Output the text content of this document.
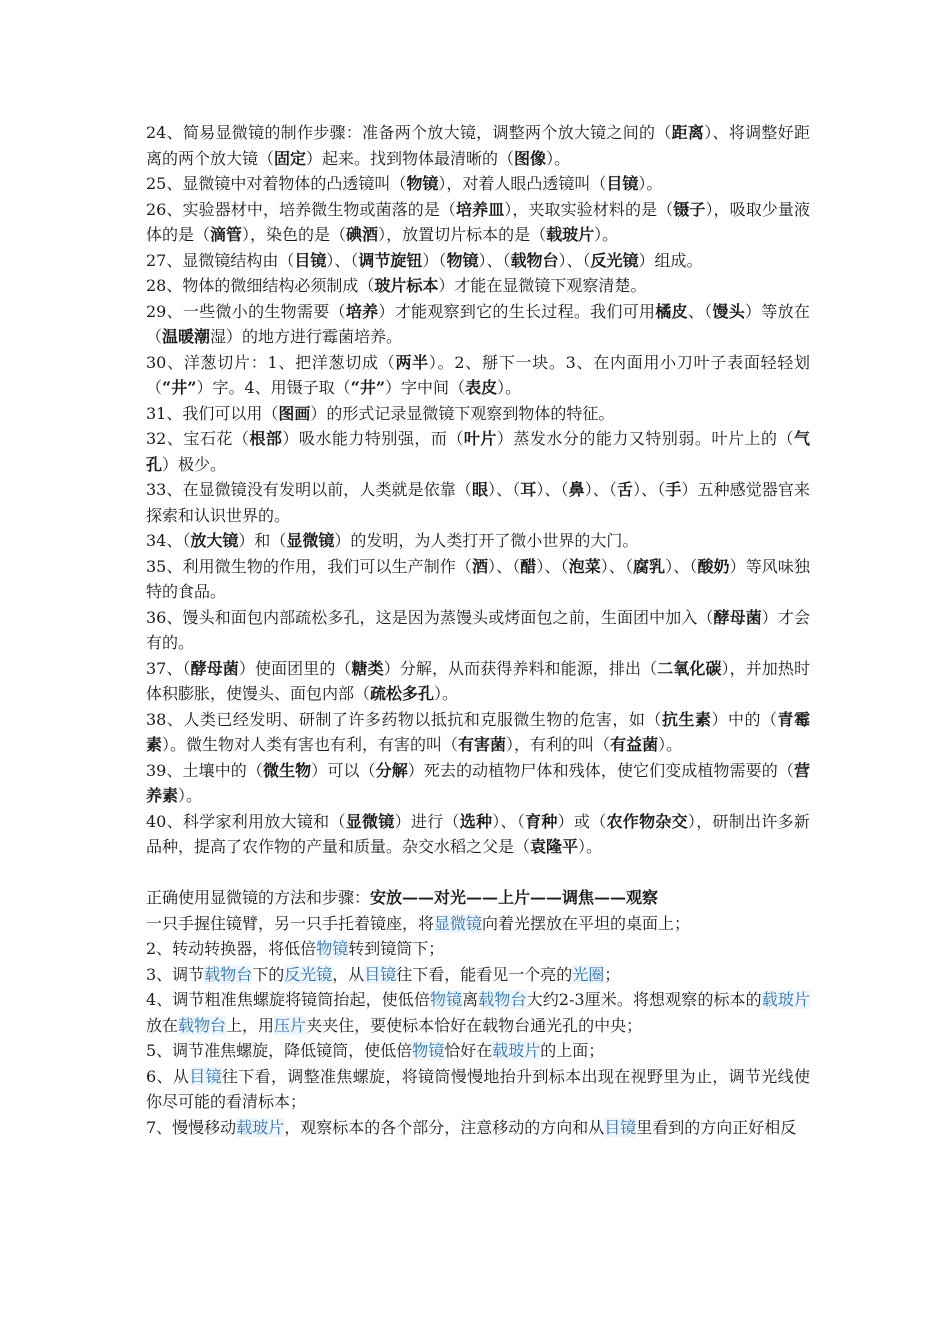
24、简易显微镜的制作步骤：准备两个放大镜，调整两个放大镜之间的（距离）、将调整好距离的两个放大镜（固定）起来。找到物体最清晰的（图像）。

25、显微镜中对着物体的凸透镜叫（物镜），对着人眼凸透镜叫（目镜）。

26、实验器材中，培养微生物或菌落的是（培养皿），夹取实验材料的是（镊子），吸取少量液体的是（滴管），染色的是（碘酒），放置切片标本的是（载玻片）。

27、显微镜结构由（目镜）、（调节旋钮）（物镜）、（载物台）、（反光镜）组成。

28、物体的微细结构必须制成（玻片标本）才能在显微镜下观察清楚。

29、一些微小的生物需要（培养）才能观察到它的生长过程。我们可用橘皮、（馒头）等放在（温暖潮湿）的地方进行霉菌培养。

30、洋葱切片：1、把洋葱切成（两半）。2、掰下一块。3、在内面用小刀叶子表面轻轻划（“井”）字。4、用镊子取（“井”）字中间（表皮）。

31、我们可以用（图画）的形式记录显微镜下观察到物体的特征。

32、宝石花（根部）吸水能力特别强，而（叶片）蒸发水分的能力又特别弱。叶片上的（气孔）极少。

33、在显微镜没有发明以前，人类就是依靠（眼）、（耳）、（鼻）、（舌）、（手）五种感觉器官来探索和认识世界的。

34、（放大镜）和（显微镜）的发明，为人类打开了微小世界的大门。

35、利用微生物的作用，我们可以生产制作（酒）、（醋）、（泡菜）、（腐乳）、（酸奶）等风味独特的食品。

36、馒头和面包内部疏松多孔，这是因为蒸馒头或烤面包之前，生面团中加入（酵母菌）才会有的。

37、（酵母菌）使面团里的（糖类）分解，从而获得养料和能源，排出（二氧化碳），并加热时体积膨胀，使馒头、面包内部（疏松多孔）。

38、人类已经发明、研制了许多药物以抵抗和克服微生物的危害，如（抗生素）中的（青霉素）。微生物对人类有害也有利，有害的叫（有害菌），有利的叫（有益菌）。

39、土壤中的（微生物）可以（分解）死去的动植物尸体和残体，使它们变成植物需要的（营养素）。

40、科学家利用放大镜和（显微镜）进行（选种）、（育种）或（农作物杂交），研制出许多新品种，提高了农作物的产量和质量。杂交水稻之父是（袁隆平）。

正确使用显微镜的方法和步骤：安放——对光——上片——调焦——观察

一只手握住镜臂，另一只手托着镜座，将显微镜向着光摆放在平坦的桌面上；

2、转动转换器，将低倍物镜转到镜筒下；

3、调节载物台下的反光镜，从目镜往下看，能看见一个亮的光圈；

4、调节粗准焦螺旋将镜筒抬起，使低倍物镜离载物台大约2-3厘米。将想观察的标本的载玻片放在载物台上，用压片夹夹住，要使标本恰好在载物台通光孔的中央；

5、调节准焦螺旋，降低镜筒，使低倍物镜恰好在载玻片的上面；

6、从目镜往下看，调整准焦螺旋，将镜筒慢慢地抬升到标本出现在视野里为止，调节光线使你尽可能的看清标本；

7、慢慢移动载玻片，观察标本的各个部分，注意移动的方向和从目镜里看到的方向正好相反
